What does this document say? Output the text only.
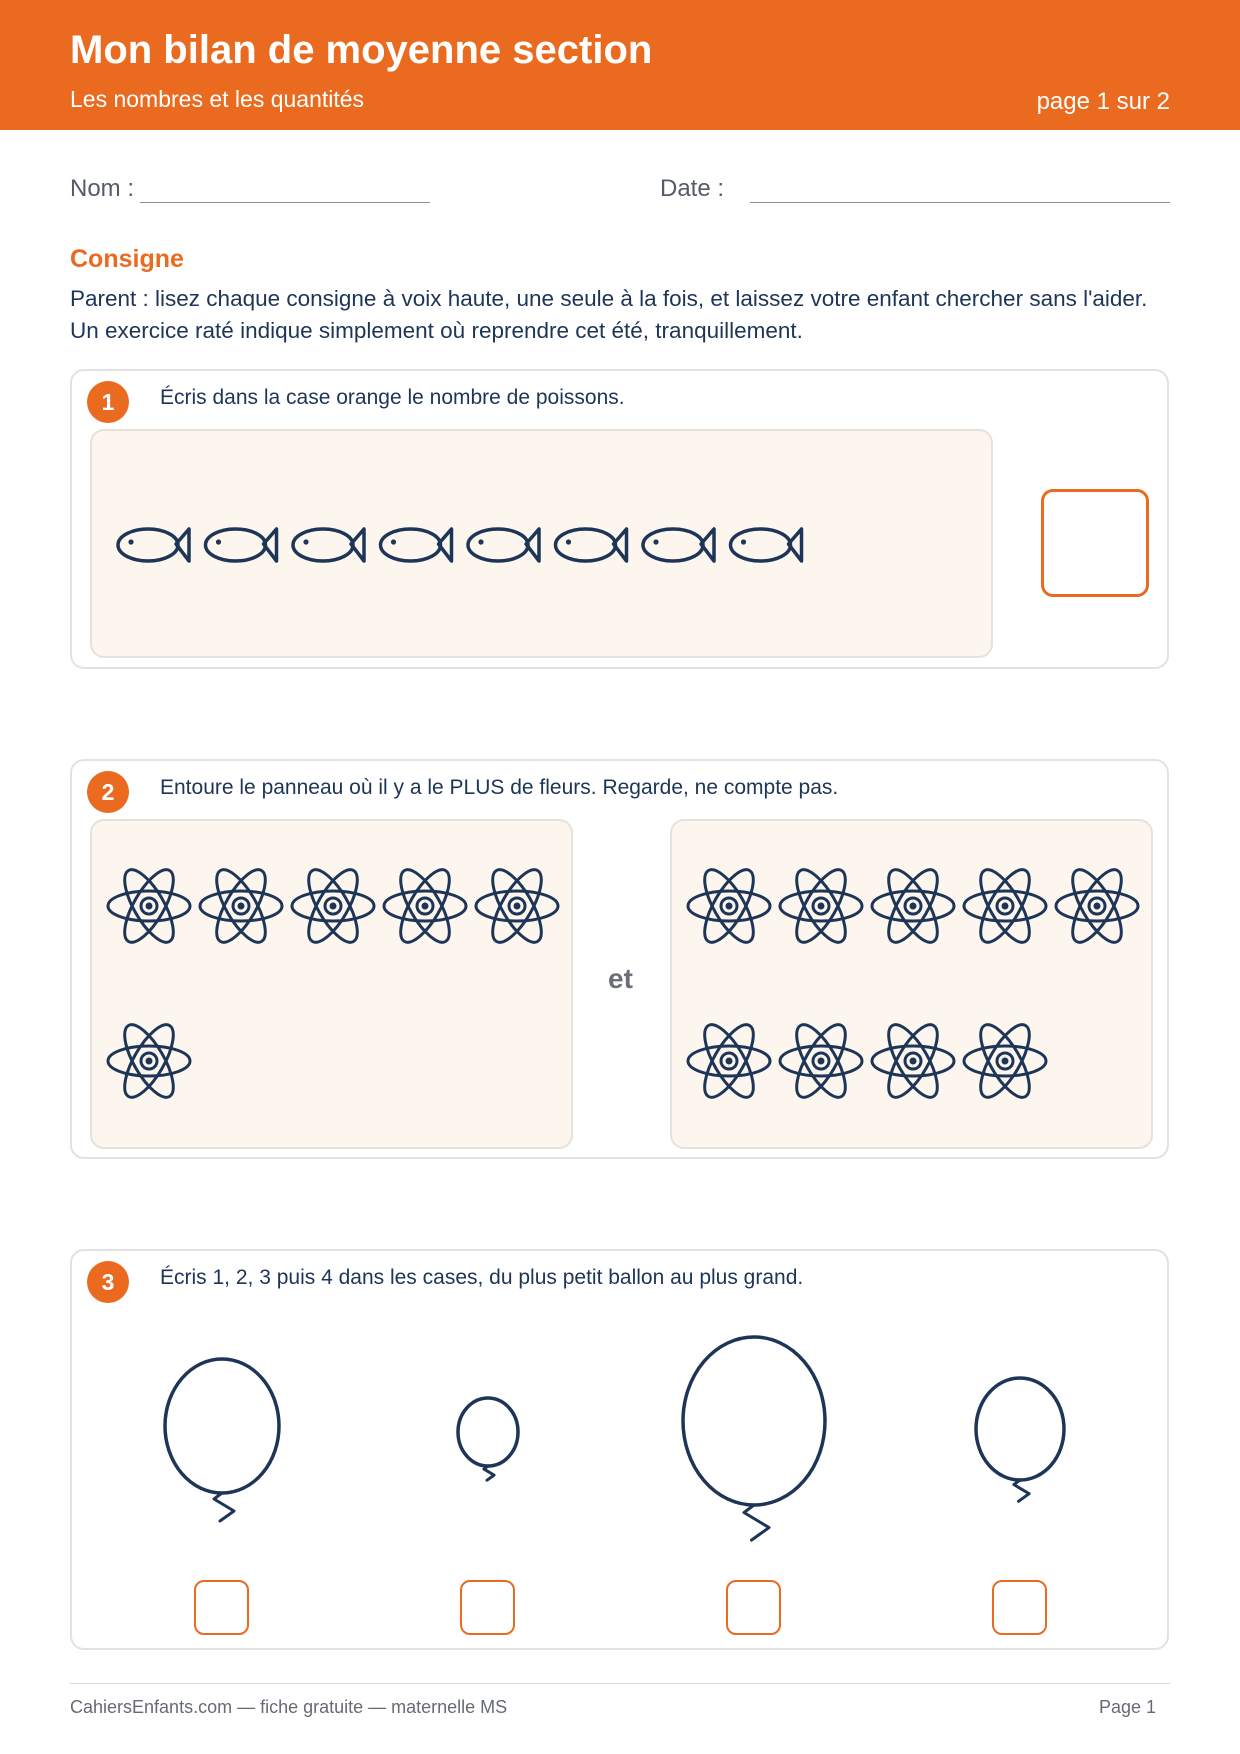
Mon bilan de moyenne section
Les nombres et les quantités	page 1 sur 2
Nom :	Date :
Consigne
Parent : lisez chaque consigne à voix haute, une seule à la fois, et laissez votre enfant chercher sans l'aider. Un exercice raté indique simplement où reprendre cet été, tranquillement.
1	Écris dans la case orange le nombre de poissons.
2	Entoure le panneau où il y a le PLUS de fleurs. Regarde, ne compte pas.
et
3	Écris 1, 2, 3 puis 4 dans les cases, du plus petit ballon au plus grand.
CahiersEnfants.com — fiche gratuite — maternelle MS	Page 1
